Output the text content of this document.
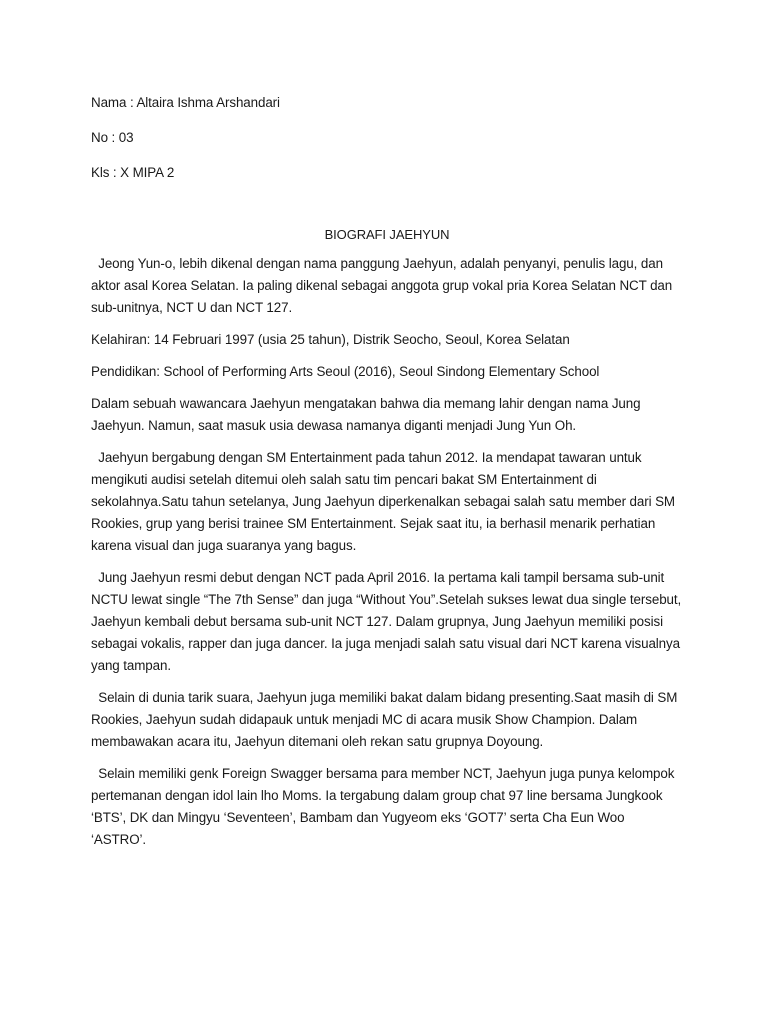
Nama : Altaira Ishma Arshandari

No : 03

Kls : X MIPA 2

BIOGRAFI JAEHYUN

Jeong Yun-o, lebih dikenal dengan nama panggung Jaehyun, adalah penyanyi, penulis lagu, dan aktor asal Korea Selatan. Ia paling dikenal sebagai anggota grup vokal pria Korea Selatan NCT dan sub-unitnya, NCT U dan NCT 127.

Kelahiran: 14 Februari 1997 (usia 25 tahun), Distrik Seocho, Seoul, Korea Selatan

Pendidikan: School of Performing Arts Seoul (2016), Seoul Sindong Elementary School

Dalam sebuah wawancara Jaehyun mengatakan bahwa dia memang lahir dengan nama Jung Jaehyun. Namun, saat masuk usia dewasa namanya diganti menjadi Jung Yun Oh.

Jaehyun bergabung dengan SM Entertainment pada tahun 2012. Ia mendapat tawaran untuk mengikuti audisi setelah ditemui oleh salah satu tim pencari bakat SM Entertainment di sekolahnya.Satu tahun setelanya, Jung Jaehyun diperkenalkan sebagai salah satu member dari SM Rookies, grup yang berisi trainee SM Entertainment. Sejak saat itu, ia berhasil menarik perhatian karena visual dan juga suaranya yang bagus.

Jung Jaehyun resmi debut dengan NCT pada April 2016. Ia pertama kali tampil bersama sub-unit NCTU lewat single “The 7th Sense” dan juga “Without You”.Setelah sukses lewat dua single tersebut, Jaehyun kembali debut bersama sub-unit NCT 127. Dalam grupnya, Jung Jaehyun memiliki posisi sebagai vokalis, rapper dan juga dancer. Ia juga menjadi salah satu visual dari NCT karena visualnya yang tampan.

Selain di dunia tarik suara, Jaehyun juga memiliki bakat dalam bidang presenting.Saat masih di SM Rookies, Jaehyun sudah didapauk untuk menjadi MC di acara musik Show Champion. Dalam membawakan acara itu, Jaehyun ditemani oleh rekan satu grupnya Doyoung.

Selain memiliki genk Foreign Swagger bersama para member NCT, Jaehyun juga punya kelompok pertemanan dengan idol lain lho Moms. Ia tergabung dalam group chat 97 line bersama Jungkook ‘BTS’, DK dan Mingyu ‘Seventeen’, Bambam dan Yugyeom eks ‘GOT7’ serta Cha Eun Woo ‘ASTRO’.
